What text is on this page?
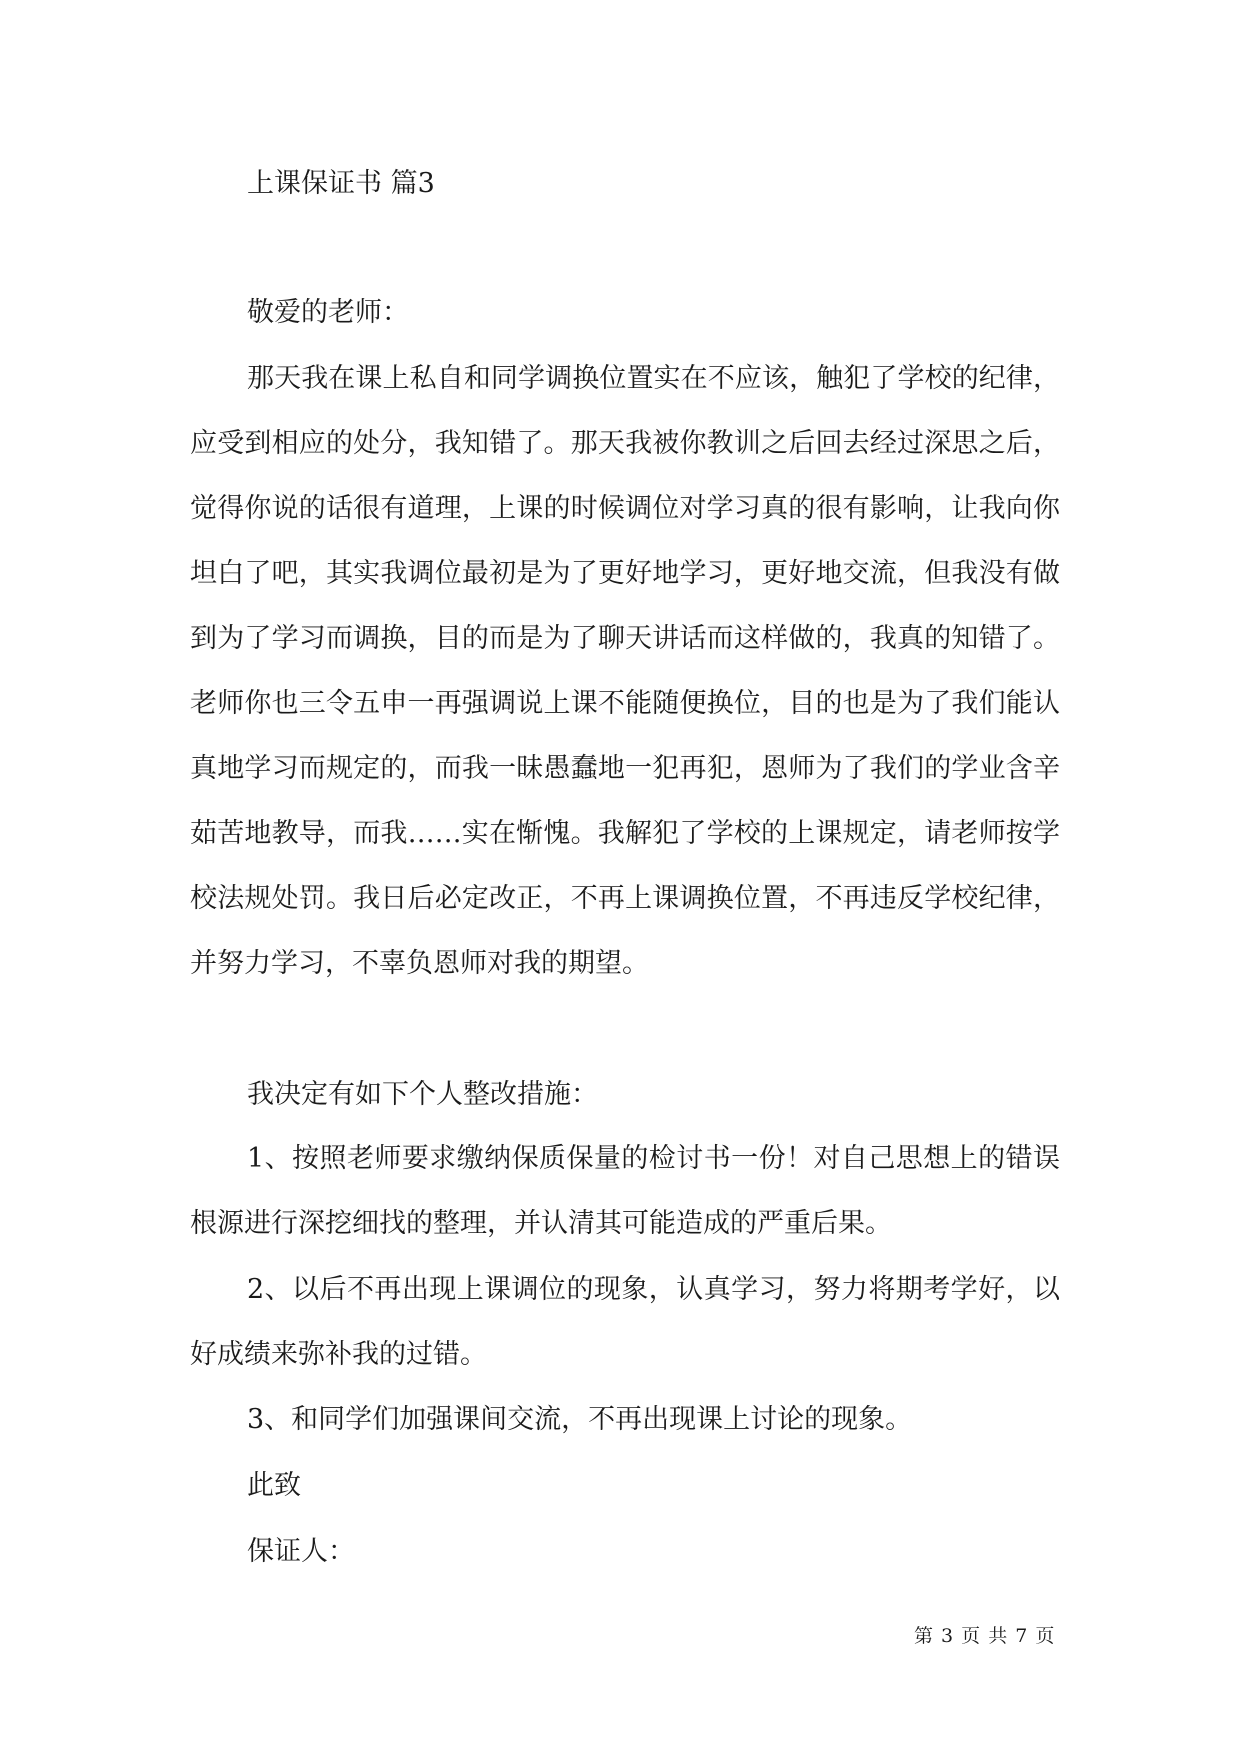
上课保证书 篇3

敬爱的老师：

那天我在课上私自和同学调换位置实在不应该，触犯了学校的纪律，应受到相应的处分，我知错了。那天我被你教训之后回去经过深思之后，觉得你说的话很有道理，上课的时候调位对学习真的很有影响，让我向你坦白了吧，其实我调位最初是为了更好地学习，更好地交流，但我没有做到为了学习而调换，目的而是为了聊天讲话而这样做的，我真的知错了。老师你也三令五申一再强调说上课不能随便换位，目的也是为了我们能认真地学习而规定的，而我一昧愚蠢地一犯再犯，恩师为了我们的学业含辛茹苦地教导，而我……实在惭愧。我解犯了学校的上课规定，请老师按学校法规处罚。我日后必定改正，不再上课调换位置，不再违反学校纪律，并努力学习，不辜负恩师对我的期望。

我决定有如下个人整改措施：

1、按照老师要求缴纳保质保量的检讨书一份！对自己思想上的错误根源进行深挖细找的整理，并认清其可能造成的严重后果。

2、以后不再出现上课调位的现象，认真学习，努力将期考学好，以好成绩来弥补我的过错。

3、和同学们加强课间交流，不再出现课上讨论的现象。

此致

保证人：

第 3 页 共 7 页
